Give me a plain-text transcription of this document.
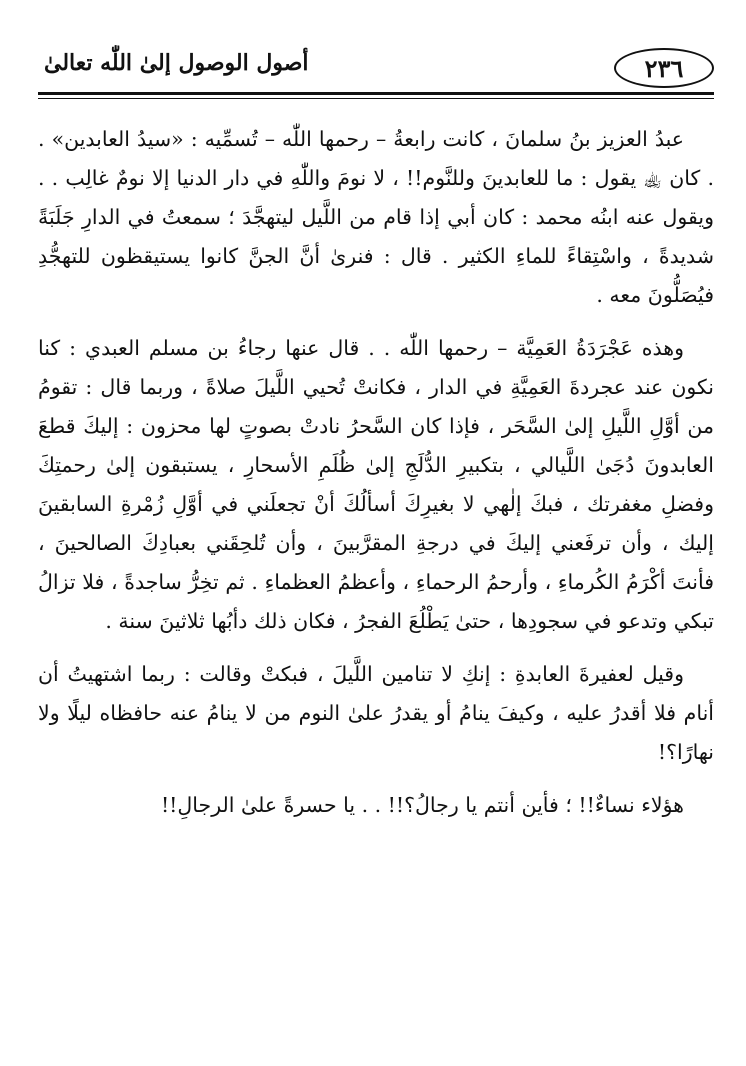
٢٣٦
أصول الوصول إلىٰ اللّٰه تعالىٰ

عبدُ العزيز بنُ سلمانَ ، كانت رابعةُ – رحمها اللّٰه – تُسمِّيه : «سيدُ العابدين» . . كان ﵀ يقول : ما للعابدينَ وللنَّوم!! ، لا نومَ واللّٰهِ في دار الدنيا إلا نومٌ غالِب . . ويقول عنه ابنُه محمد : كان أبي إذا قام من اللَّيل ليتهجَّدَ ؛ سمعتُ في الدارِ جَلَبَةً شديدةً ، واسْتِقاءً للماءِ الكثير . قال : فنرىٰ أنَّ الجنَّ كانوا يستيقظون للتهجُّدِ فيُصَلُّونَ معه .

وهذه عَجْرَدَةُ العَمِيَّة – رحمها اللّٰه . . قال عنها رجاءُ بن مسلم العبدي : كنا نكون عند عجردةَ العَمِيَّةِ في الدار ، فكانتْ تُحيي اللَّيلَ صلاةً ، وربما قال : تقومُ من أوَّلِ اللَّيلِ إلىٰ السَّحَر ، فإذا كان السَّحرُ نادتْ بصوتٍ لها محزون : إليكَ قطعَ العابدونَ دُجَىٰ اللَّيالي ، بتكبيرِ الدُّلَجِ إلىٰ ظُلَمِ الأسحارِ ، يستبقون إلىٰ رحمتِكَ وفضلِ مغفرتك ، فبكَ إلٰهي لا بغيرِكَ أسألُكَ أنْ تجعلَني في أوَّلِ زُمْرةِ السابقينَ إليك ، وأن ترفَعني إليكَ في درجةِ المقرَّبينَ ، وأن تُلحِقَني بعبادِكَ الصالحينَ ، فأنتَ أكْرَمُ الكُرماءِ ، وأرحمُ الرحماءِ ، وأعظمُ العظماءِ . ثم تخِرُّ ساجدةً ، فلا تزالُ تبكي وتدعو في سجودِها ، حتىٰ يَطْلُعَ الفجرُ ، فكان ذلك دأبُها ثلاثينَ سنة .

وقيل لعفيرةَ العابدةِ : إنكِ لا تنامين اللَّيلَ ، فبكتْ وقالت : ربما اشتهيتُ أن أنام فلا أقدرُ عليه ، وكيفَ ينامُ أو يقدرُ علىٰ النوم من لا ينامُ عنه حافظاه ليلًا ولا نهارًا؟!

هؤلاء نساءٌ!! ؛ فأين أنتم يا رجالُ؟!! . . يا حسرةً علىٰ الرجالِ!!
